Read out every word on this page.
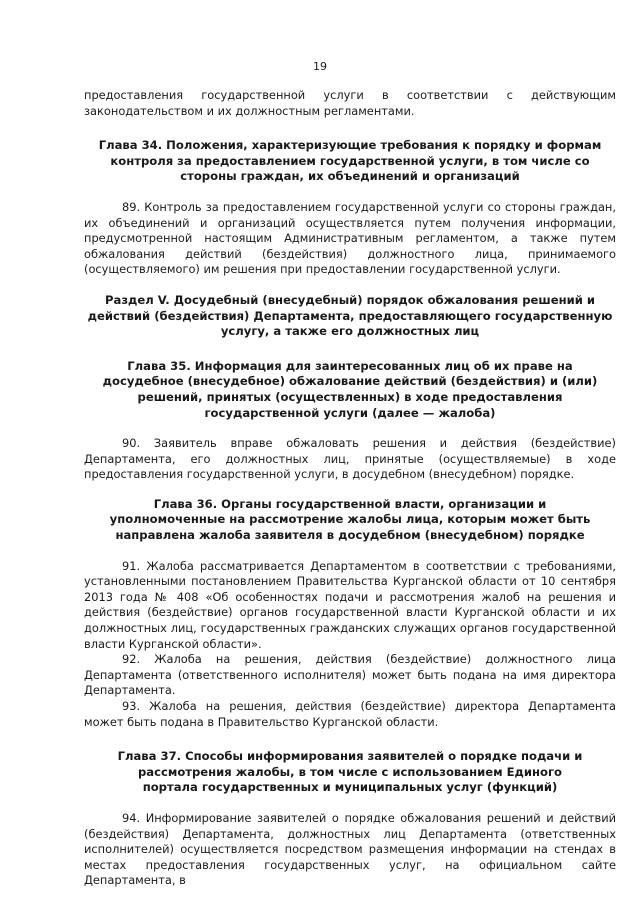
19

предоставления государственной услуги в соответствии с действующим законодательством и их должностным регламентами.

Глава 34. Положения, характеризующие требования к порядку и формам контроля за предоставлением государственной услуги, в том числе со стороны граждан, их объединений и организаций

89. Контроль за предоставлением государственной услуги со стороны граждан, их объединений и организаций осуществляется путем получения информации, предусмотренной настоящим Административным регламентом, а также путем обжалования действий (бездействия) должностного лица, принимаемого (осуществляемого) им решения при предоставлении государственной услуги.

Раздел V. Досудебный (внесудебный) порядок обжалования решений и действий (бездействия) Департамента, предоставляющего государственную услугу, а также его должностных лиц

Глава 35. Информация для заинтересованных лиц об их праве на досудебное (внесудебное) обжалование действий (бездействия) и (или) решений, принятых (осуществленных) в ходе предоставления государственной услуги (далее — жалоба)

90. Заявитель вправе обжаловать решения и действия (бездействие) Департамента, его должностных лиц, принятые (осуществляемые) в ходе предоставления государственной услуги, в досудебном (внесудебном) порядке.

Глава 36. Органы государственной власти, организации и уполномоченные на рассмотрение жалобы лица, которым может быть направлена жалоба заявителя в досудебном (внесудебном) порядке

91. Жалоба рассматривается Департаментом в соответствии с требованиями, установленными постановлением Правительства Курганской области от 10 сентября 2013 года № 408 «Об особенностях подачи и рассмотрения жалоб на решения и действия (бездействие) органов государственной власти Курганской области и их должностных лиц, государственных гражданских служащих органов государственной власти Курганской области».

92. Жалоба на решения, действия (бездействие) должностного лица Департамента (ответственного исполнителя) может быть подана на имя директора Департамента.

93. Жалоба на решения, действия (бездействие) директора Департамента может быть подана в Правительство Курганской области.

Глава 37. Способы информирования заявителей о порядке подачи и рассмотрения жалобы, в том числе с использованием Единого портала государственных и муниципальных услуг (функций)

94. Информирование заявителей о порядке обжалования решений и действий (бездействия) Департамента, должностных лиц Департамента (ответственных исполнителей) осуществляется посредством размещения информации на стендах в местах предоставления государственных услуг, на официальном сайте Департамента, в
